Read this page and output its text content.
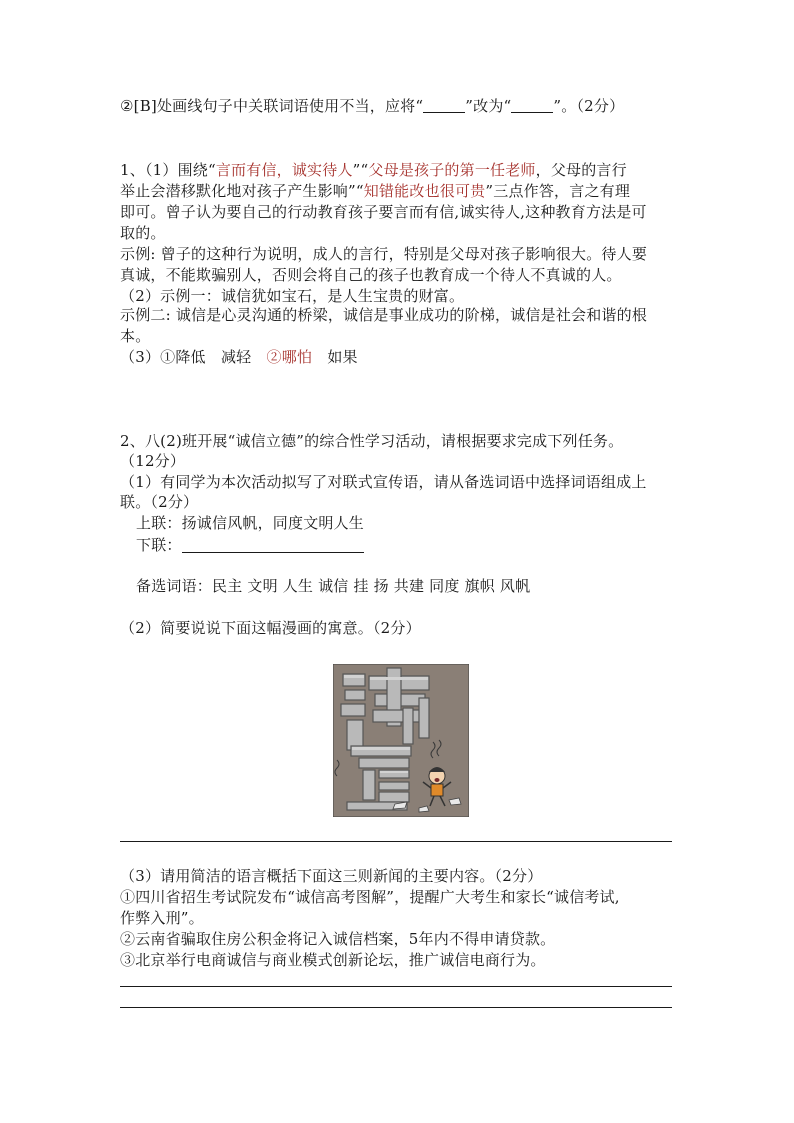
②[B]处画线句子中关联词语使用不当，应将“	”改为“	”。（2分）

1、（1）围绕“言而有信，诚实待人”“父母是孩子的第一任老师，父母的言行

举止会潜移默化地对孩子产生影响”“知错能改也很可贵”三点作答，言之有理

即可。曾子认为要自己的行动教育孩子要言而有信,诚实待人,这种教育方法是可

取的。

示例: 曾子的这种行为说明，成人的言行，特别是父母对孩子影响很大。待人要

真诚，不能欺骗别人，否则会将自己的孩子也教育成一个待人不真诚的人。

（2）示例一：诚信犹如宝石，是人生宝贵的财富。

示例二: 诚信是心灵沟通的桥梁，诚信是事业成功的阶梯，诚信是社会和谐的根

本。

（3）①降低　减轻　②哪怕　如果

2、八(2)班开展“诚信立德”的综合性学习活动，请根据要求完成下列任务。

（12分）

（1）有同学为本次活动拟写了对联式宣传语，请从备选词语中选择词语组成上

联。（2分）

上联：扬诚信风帆，同度文明人生

下联：

备选词语：民主 文明 人生 诚信 挂 扬 共建 同度 旗帜 风帆

（2）简要说说下面这幅漫画的寓意。（2分）

诚信

（3）请用简洁的语言概括下面这三则新闻的主要内容。（2分）

①四川省招生考试院发布“诚信高考图解”，提醒广大考生和家长“诚信考试,

作弊入刑”。

②云南省骗取住房公积金将记入诚信档案，5年内不得申请贷款。

③北京举行电商诚信与商业模式创新论坛，推广诚信电商行为。
